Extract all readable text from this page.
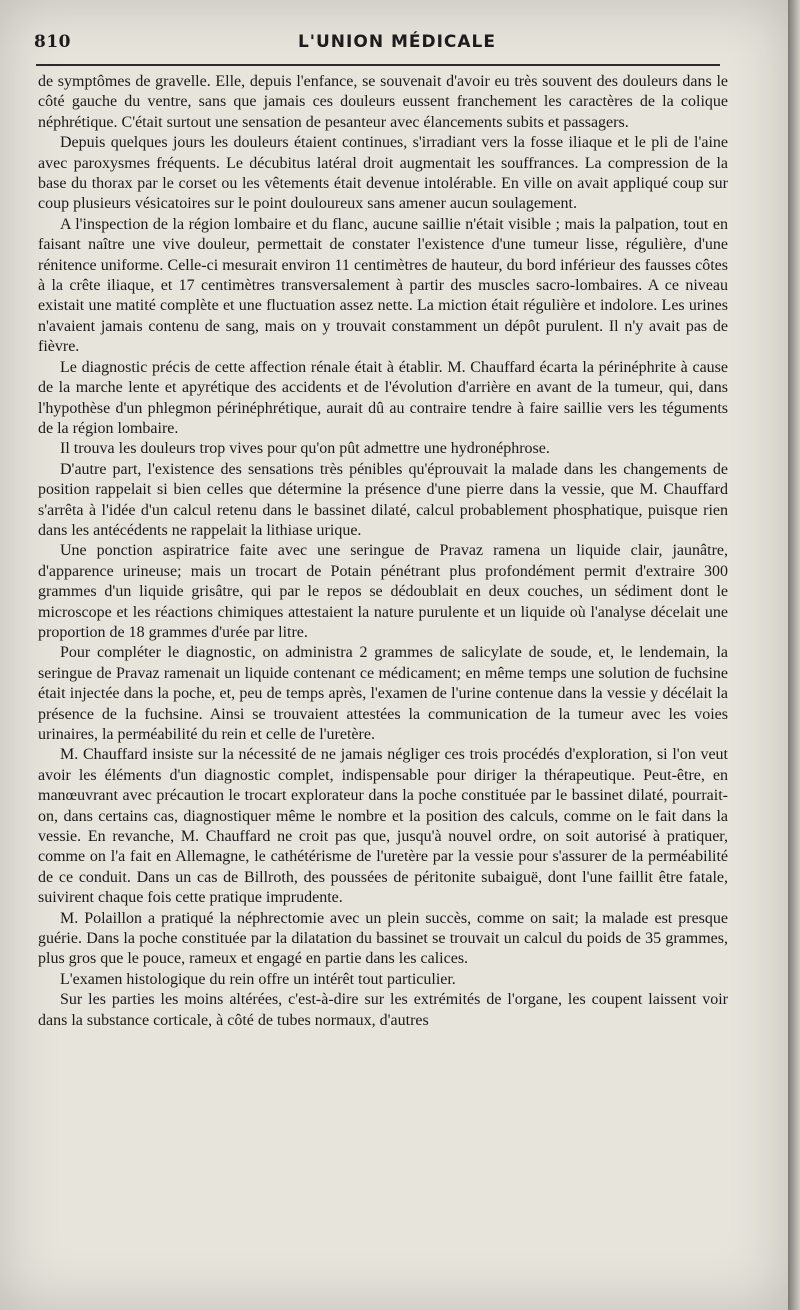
810	L'UNION MÉDICALE

de symptômes de gravelle. Elle, depuis l'enfance, se souvenait d'avoir eu très souvent des douleurs dans le côté gauche du ventre, sans que jamais ces douleurs eussent franchement les caractères de la colique néphrétique. C'était surtout une sensation de pesanteur avec élancements subits et passagers.

Depuis quelques jours les douleurs étaient continues, s'irradiant vers la fosse iliaque et le pli de l'aine avec paroxysmes fréquents. Le décubitus latéral droit augmentait les souffrances. La compression de la base du thorax par le corset ou les vêtements était devenue intolérable. En ville on avait appliqué coup sur coup plusieurs vésicatoires sur le point douloureux sans amener aucun soulagement.

A l'inspection de la région lombaire et du flanc, aucune saillie n'était visible ; mais la palpation, tout en faisant naître une vive douleur, permettait de constater l'existence d'une tumeur lisse, régulière, d'une rénitence uniforme. Celle-ci mesurait environ 11 centimètres de hauteur, du bord inférieur des fausses côtes à la crête iliaque, et 17 centimètres transversalement à partir des muscles sacro-lombaires. A ce niveau existait une matité complète et une fluctuation assez nette. La miction était régulière et indolore. Les urines n'avaient jamais contenu de sang, mais on y trouvait constamment un dépôt purulent. Il n'y avait pas de fièvre.

Le diagnostic précis de cette affection rénale était à établir. M. Chauffard écarta la périnéphrite à cause de la marche lente et apyrétique des accidents et de l'évolution d'arrière en avant de la tumeur, qui, dans l'hypothèse d'un phlegmon périnéphrétique, aurait dû au contraire tendre à faire saillie vers les téguments de la région lombaire.

Il trouva les douleurs trop vives pour qu'on pût admettre une hydronéphrose.

D'autre part, l'existence des sensations très pénibles qu'éprouvait la malade dans les changements de position rappelait si bien celles que détermine la présence d'une pierre dans la vessie, que M. Chauffard s'arrêta à l'idée d'un calcul retenu dans le bassinet dilaté, calcul probablement phosphatique, puisque rien dans les antécédents ne rappelait la lithiase urique.

Une ponction aspiratrice faite avec une seringue de Pravaz ramena un liquide clair, jaunâtre, d'apparence urineuse; mais un trocart de Potain pénétrant plus profondément permit d'extraire 300 grammes d'un liquide grisâtre, qui par le repos se dédoublait en deux couches, un sédiment dont le microscope et les réactions chimiques attestaient la nature purulente et un liquide où l'analyse décelait une proportion de 18 grammes d'urée par litre.

Pour compléter le diagnostic, on administra 2 grammes de salicylate de soude, et, le lendemain, la seringue de Pravaz ramenait un liquide contenant ce médicament; en même temps une solution de fuchsine était injectée dans la poche, et, peu de temps après, l'examen de l'urine contenue dans la vessie y décélait la présence de la fuchsine. Ainsi se trouvaient attestées la communication de la tumeur avec les voies urinaires, la perméabilité du rein et celle de l'uretère.

M. Chauffard insiste sur la nécessité de ne jamais négliger ces trois procédés d'exploration, si l'on veut avoir les éléments d'un diagnostic complet, indispensable pour diriger la thérapeutique. Peut-être, en manœuvrant avec précaution le trocart explorateur dans la poche constituée par le bassinet dilaté, pourrait-on, dans certains cas, diagnostiquer même le nombre et la position des calculs, comme on le fait dans la vessie. En revanche, M. Chauffard ne croit pas que, jusqu'à nouvel ordre, on soit autorisé à pratiquer, comme on l'a fait en Allemagne, le cathétérisme de l'uretère par la vessie pour s'assurer de la perméabilité de ce conduit. Dans un cas de Billroth, des poussées de péritonite subaiguë, dont l'une faillit être fatale, suivirent chaque fois cette pratique imprudente.

M. Polaillon a pratiqué la néphrectomie avec un plein succès, comme on sait; la malade est presque guérie. Dans la poche constituée par la dilatation du bassinet se trouvait un calcul du poids de 35 grammes, plus gros que le pouce, rameux et engagé en partie dans les calices.

L'examen histologique du rein offre un intérêt tout particulier.

Sur les parties les moins altérées, c'est-à-dire sur les extrémités de l'organe, les coupent laissent voir dans la substance corticale, à côté de tubes normaux, d'autres
